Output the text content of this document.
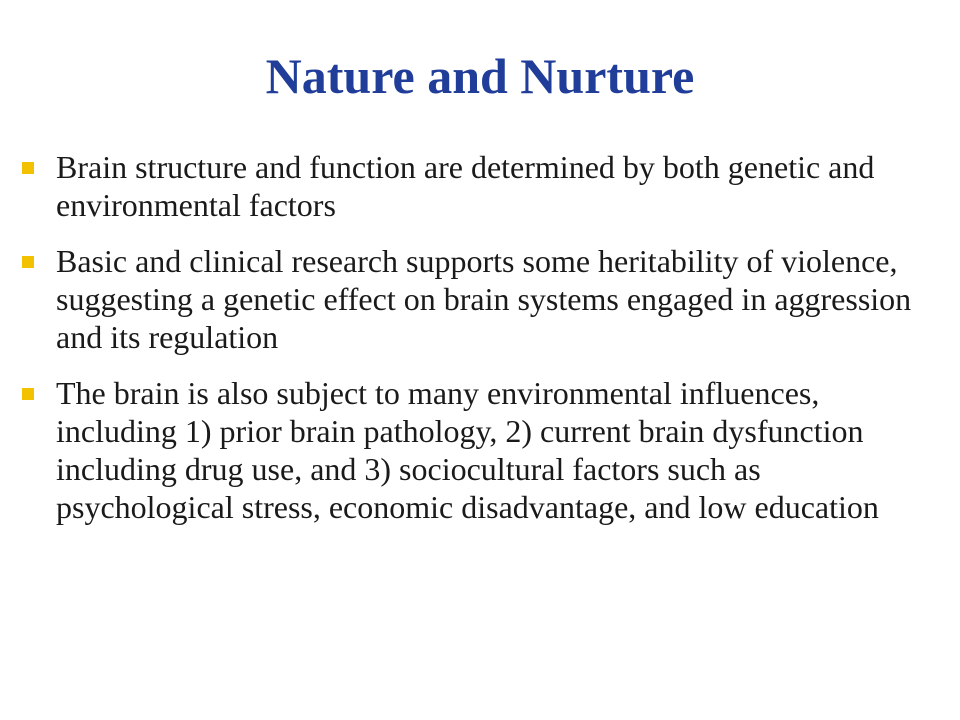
Nature and Nurture
Brain structure and function are determined by both genetic and environmental factors
Basic and clinical research supports some heritability of violence, suggesting a genetic effect on brain systems engaged in aggression and its regulation
The brain is also subject to many environmental influences, including 1) prior brain pathology, 2) current brain dysfunction including drug use, and 3) sociocultural factors such as psychological stress, economic disadvantage, and low education
